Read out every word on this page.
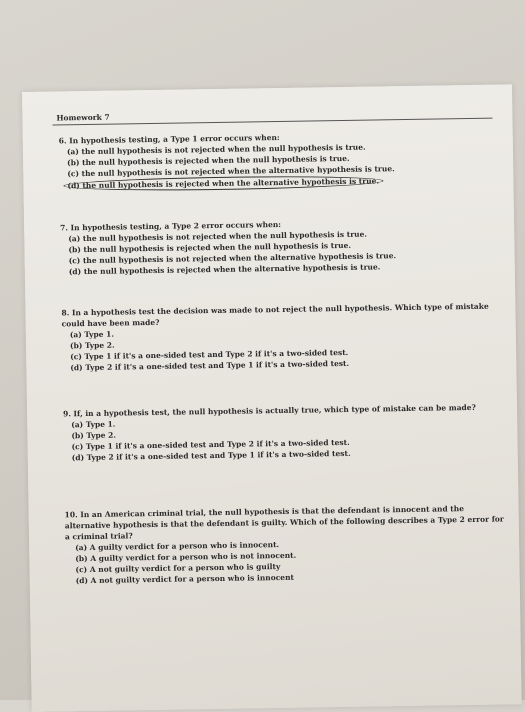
Homework 7
6. In hypothesis testing, a Type 1 error occurs when:
(a) the null hypothesis is not rejected when the null hypothesis is true.
(b) the null hypothesis is rejected when the null hypothesis is true.
(c) the null hypothesis is not rejected when the alternative hypothesis is true.
(d) the null hypothesis is rejected when the alternative hypothesis is true.
7. In hypothesis testing, a Type 2 error occurs when:
(a) the null hypothesis is not rejected when the null hypothesis is true.
(b) the null hypothesis is rejected when the null hypothesis is true.
(c) the null hypothesis is not rejected when the alternative hypothesis is true.
(d) the null hypothesis is rejected when the alternative hypothesis is true.
8. In a hypothesis test the decision was made to not reject the null hypothesis. Which type of mistake could have been made?
(a) Type 1.
(b) Type 2.
(c) Type 1 if it's a one-sided test and Type 2 if it's a two-sided test.
(d) Type 2 if it's a one-sided test and Type 1 if it's a two-sided test.
9. If, in a hypothesis test, the null hypothesis is actually true, which type of mistake can be made?
(a) Type 1.
(b) Type 2.
(c) Type 1 if it's a one-sided test and Type 2 if it's a two-sided test.
(d) Type 2 if it's a one-sided test and Type 1 if it's a two-sided test.
10. In an American criminal trial, the null hypothesis is that the defendant is innocent and the alternative hypothesis is that the defendant is guilty. Which of the following describes a Type 2 error for a criminal trial?
(a) A guilty verdict for a person who is innocent.
(b) A guilty verdict for a person who is not innocent.
(c) A not guilty verdict for a person who is guilty
(d) A not guilty verdict for a person who is innocent
